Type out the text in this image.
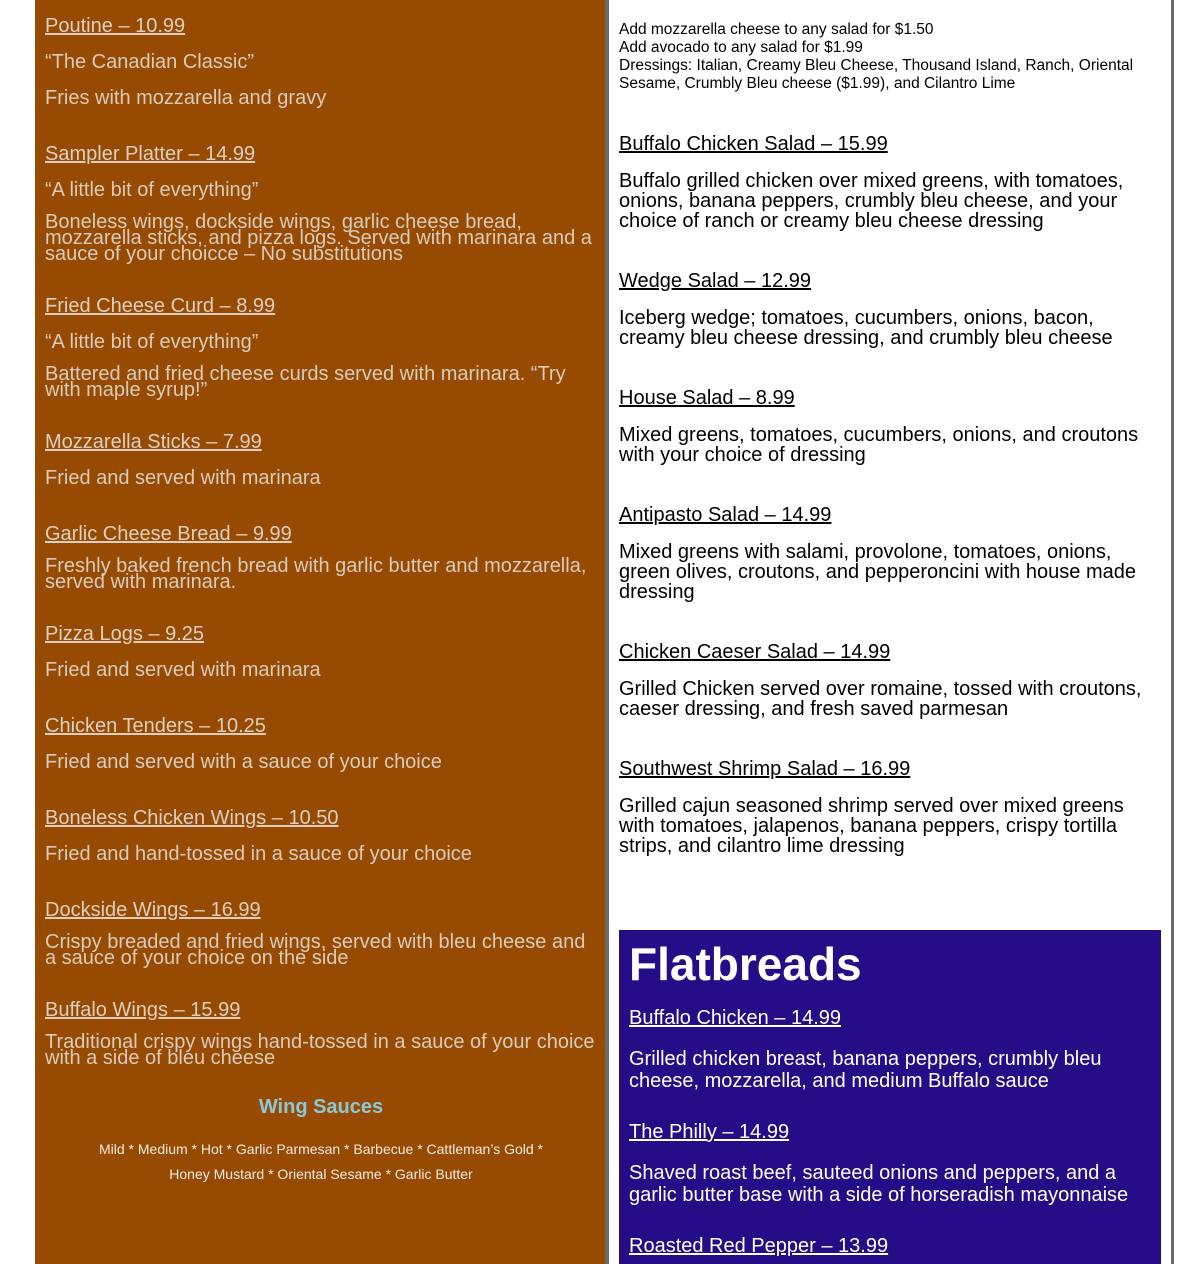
Poutine – 10.99

“The Canadian Classic”

Fries with mozzarella and gravy

Sampler Platter – 14.99

“A little bit of everything”

Boneless wings, dockside wings, garlic cheese bread, mozzarella sticks, and pizza logs. Served with marinara and a sauce of your choicce – No substitutions

Fried Cheese Curd – 8.99

“A little bit of everything”

Battered and fried cheese curds served with marinara. “Try with maple syrup!”

Mozzarella Sticks – 7.99

Fried and served with marinara

Garlic Cheese Bread – 9.99

Freshly baked french bread with garlic butter and mozzarella, served with marinara.

Pizza Logs – 9.25

Fried and served with marinara

Chicken Tenders – 10.25

Fried and served with a sauce of your choice

Boneless Chicken Wings – 10.50

Fried and hand-tossed in a sauce of your choice

Dockside Wings – 16.99

Crispy breaded and fried wings, served with bleu cheese and a sauce of your choice on the side

Buffalo Wings – 15.99

Traditional crispy wings hand-tossed in a sauce of your choice with a side of bleu cheese

Wing Sauces
Mild * Medium * Hot * Garlic Parmesan * Barbecue * Cattleman’s Gold *
Honey Mustard * Oriental Sesame * Garlic Butter

Add mozzarella cheese to any salad for $1.50

Add avocado to any salad for $1.99

Dressings: Italian, Creamy Bleu Cheese, Thousand Island, Ranch, Oriental Sesame, Crumbly Bleu cheese ($1.99), and Cilantro Lime

Buffalo Chicken Salad – 15.99

Buffalo grilled chicken over mixed greens, with tomatoes, onions, banana peppers, crumbly bleu cheese, and your choice of ranch or creamy bleu cheese dressing

Wedge Salad – 12.99

Iceberg wedge; tomatoes, cucumbers, onions, bacon, creamy bleu cheese dressing, and crumbly bleu cheese

House Salad – 8.99

Mixed greens, tomatoes, cucumbers, onions, and croutons with your choice of dressing

Antipasto Salad – 14.99

Mixed greens with salami, provolone, tomatoes, onions, green olives, croutons, and pepperoncini with house made dressing

Chicken Caeser Salad – 14.99

Grilled Chicken served over romaine, tossed with croutons, caeser dressing, and fresh saved parmesan

Southwest Shrimp Salad – 16.99

Grilled cajun seasoned shrimp served over mixed greens with tomatoes, jalapenos, banana peppers, crispy tortilla strips, and cilantro lime dressing

Flatbreads

Buffalo Chicken – 14.99

Grilled chicken breast, banana peppers, crumbly bleu cheese, mozzarella, and medium Buffalo sauce

The Philly – 14.99

Shaved roast beef, sauteed onions and peppers, and a garlic butter base with a side of horseradish mayonnaise

Roasted Red Pepper – 13.99
